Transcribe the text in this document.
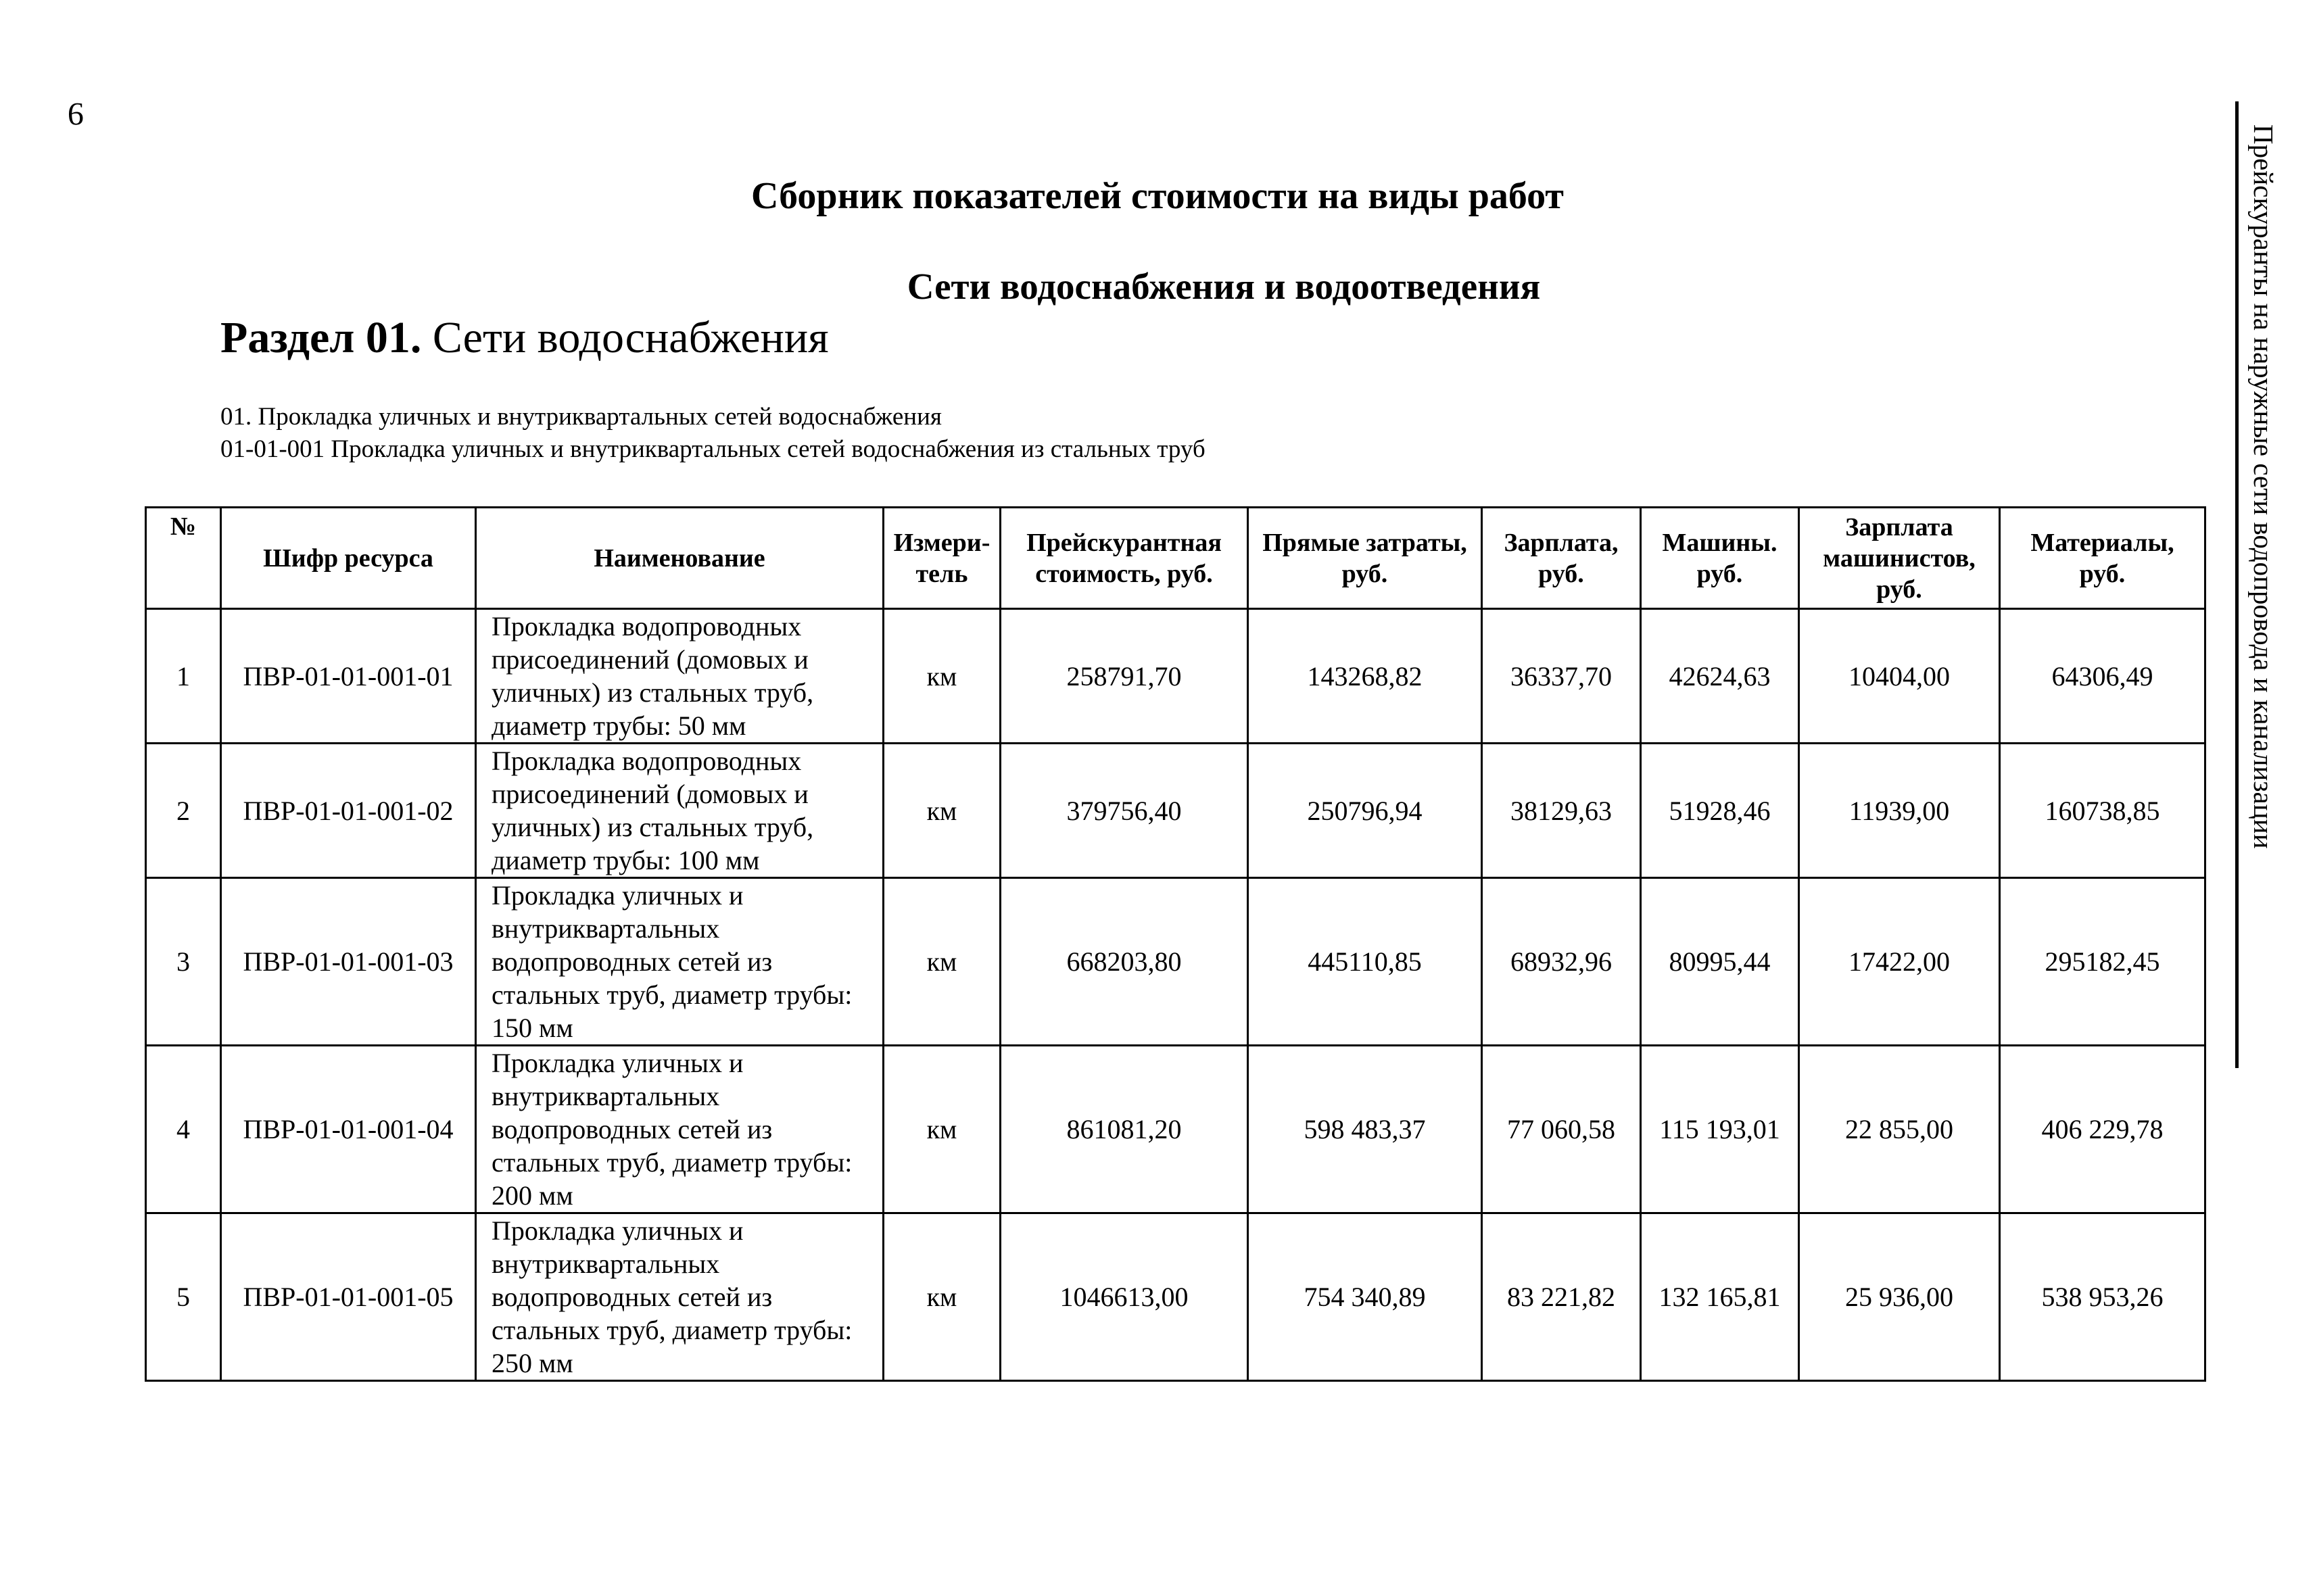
9
Прейскуранты на наружные сети водопровода и канализации
Сборник показателей стоимости на виды работ
Сети водоснабжения и водоотведения
Раздел 01. Сети водоснабжения
01. Прокладка уличных и внутриквартальных сетей водоснабжения
01-01-001 Прокладка уличных и внутриквартальных сетей водоснабжения из стальных труб
№	Шифр ресурса	Наименование	Измери-тель	Прейскурантная стоимость, руб.	Прямые затраты, руб.	Зарплата, руб.	Машины. руб.	Зарплата машинистов, руб.	Материалы, руб.
1	ПВР-01-01-001-01	Прокладка водопроводных присоединений (домовых и уличных) из стальных труб, диаметр трубы: 50 мм	км	258791,70	143268,82	36337,70	42624,63	10404,00	64306,49
2	ПВР-01-01-001-02	Прокладка водопроводных присоединений (домовых и уличных) из стальных труб, диаметр трубы: 100 мм	км	379756,40	250796,94	38129,63	51928,46	11939,00	160738,85
3	ПВР-01-01-001-03	Прокладка уличных и внутриквартальных водопроводных сетей из стальных труб, диаметр трубы: 150 мм	км	668203,80	445110,85	68932,96	80995,44	17422,00	295182,45
4	ПВР-01-01-001-04	Прокладка уличных и внутриквартальных водопроводных сетей из стальных труб, диаметр трубы: 200 мм	км	861081,20	598 483,37	77 060,58	115 193,01	22 855,00	406 229,78
5	ПВР-01-01-001-05	Прокладка уличных и внутриквартальных водопроводных сетей из стальных труб, диаметр трубы: 250 мм	км	1046613,00	754 340,89	83 221,82	132 165,81	25 936,00	538 953,26
